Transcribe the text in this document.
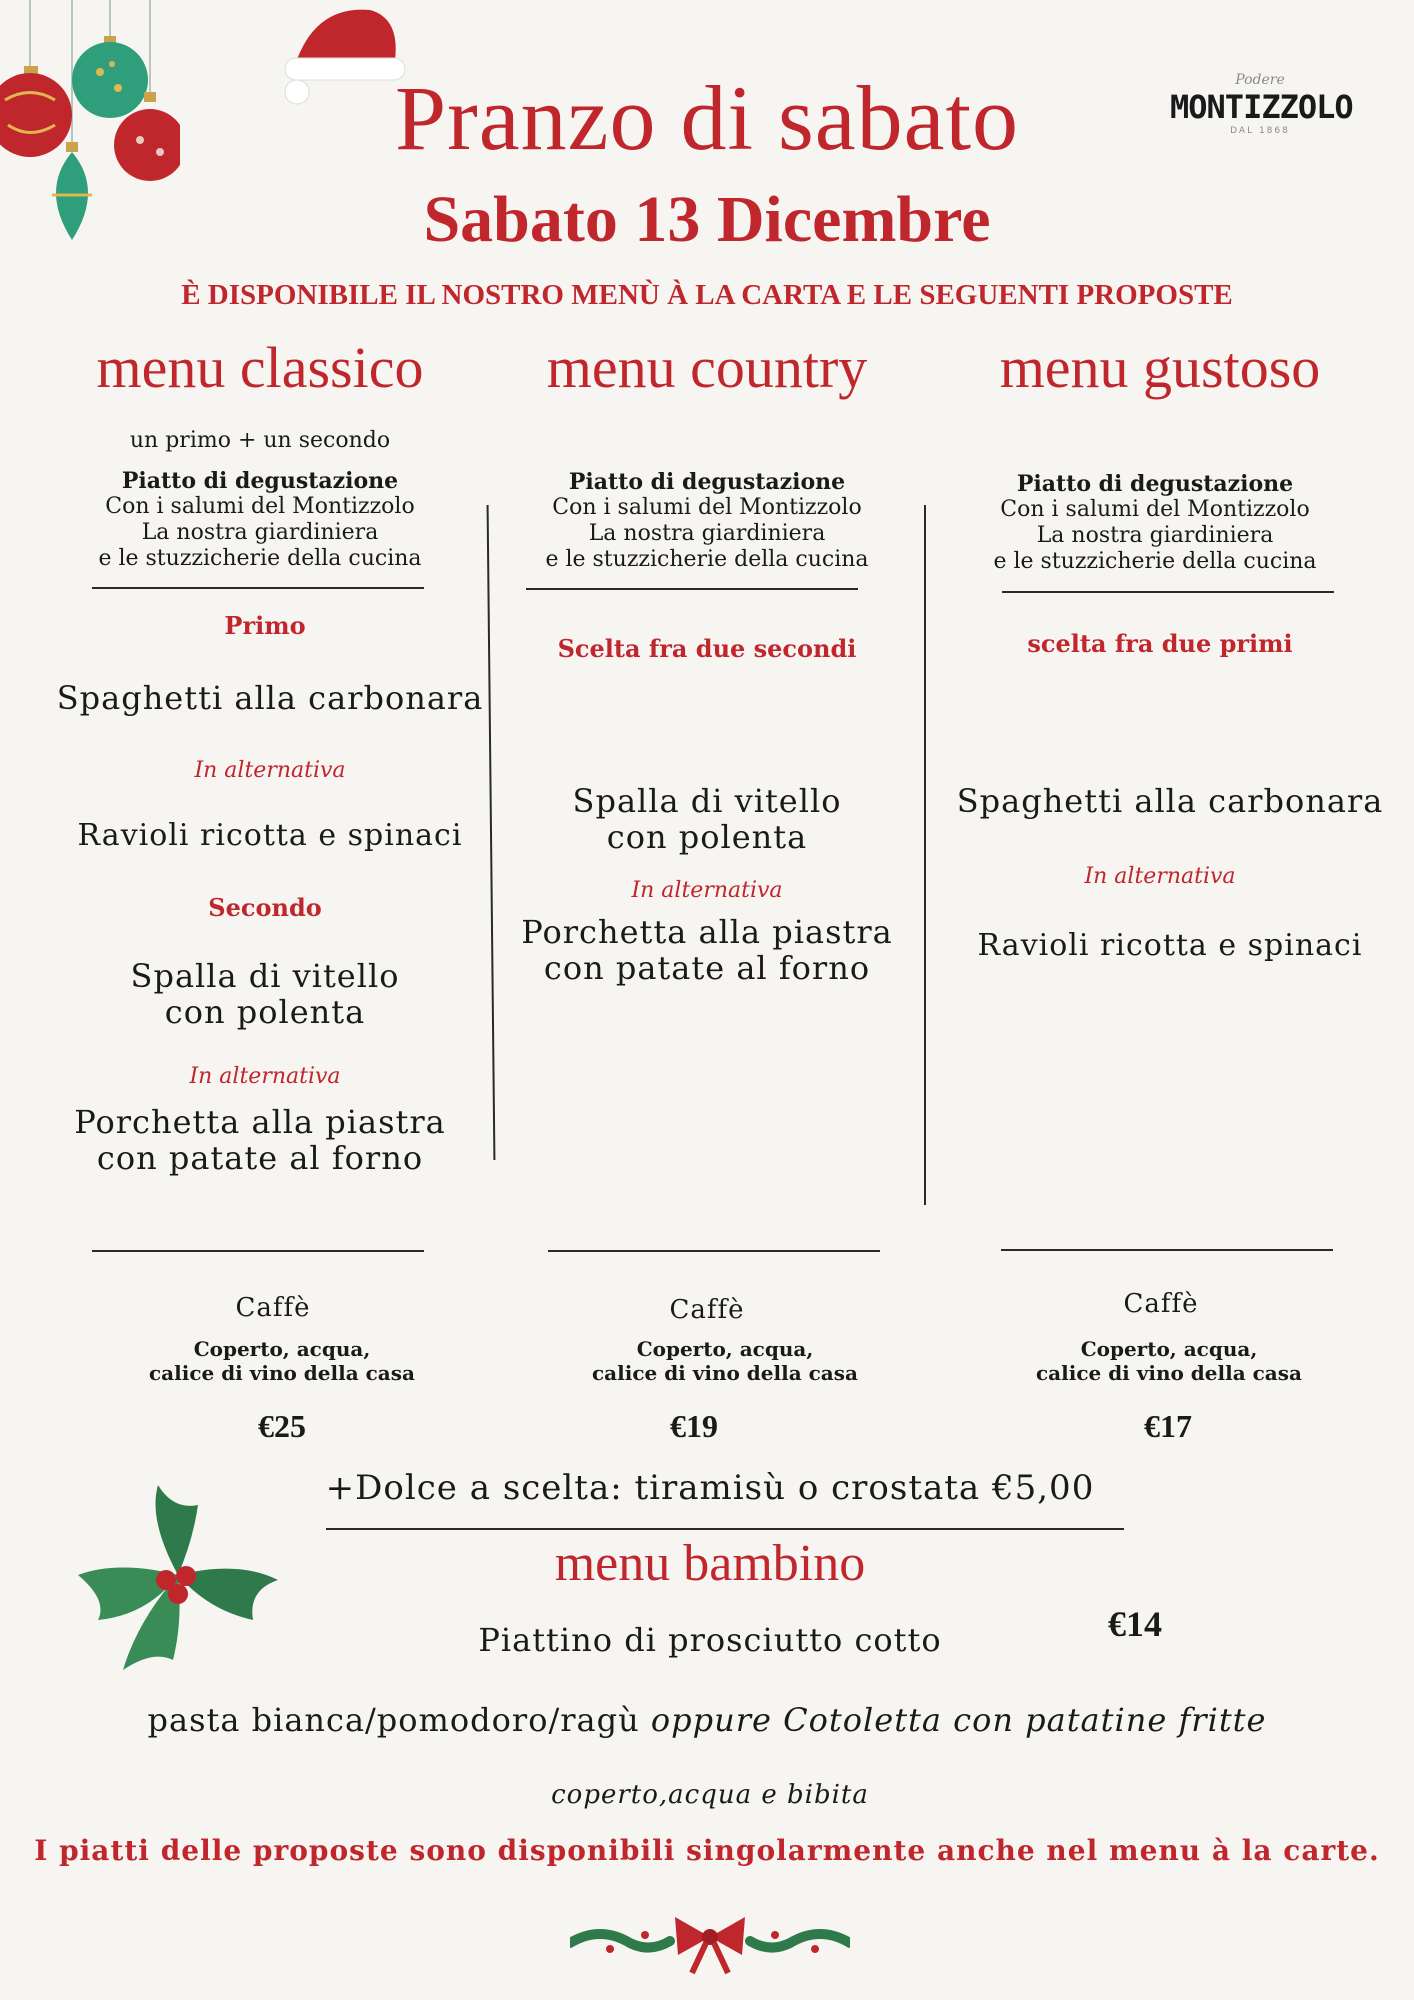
Podere
MONTIZZOLO
DAL 1868
Pranzo di sabato
Sabato 13 Dicembre
È DISPONIBILE IL NOSTRO MENÙ À LA CARTA E LE SEGUENTI PROPOSTE
menu classico
un primo + un secondo
Piatto di degustazione
Con i salumi del Montizzolo
La nostra giardiniera
e le stuzzicherie della cucina
Primo
Spaghetti alla carbonara
In alternativa
Ravioli ricotta e spinaci
Secondo
Spalla di vitello
con polenta
In alternativa
Porchetta alla piastra
con patate al forno
Caffè
Coperto, acqua,
calice di vino della casa
€25
menu country
Piatto di degustazione
Con i salumi del Montizzolo
La nostra giardiniera
e le stuzzicherie della cucina
Scelta fra due secondi
Spalla di vitello
con polenta
In alternativa
Porchetta alla piastra
con patate al forno
Caffè
Coperto, acqua,
calice di vino della casa
€19
menu gustoso
Piatto di degustazione
Con i salumi del Montizzolo
La nostra giardiniera
e le stuzzicherie della cucina
scelta fra due primi
Spaghetti alla carbonara
In alternativa
Ravioli ricotta e spinaci
Caffè
Coperto, acqua,
calice di vino della casa
€17
+Dolce a scelta: tiramisù o crostata €5,00
menu bambino
Piattino di prosciutto cotto	€14
pasta bianca/pomodoro/ragù oppure Cotoletta con patatine fritte
coperto,acqua e bibita
I piatti delle proposte sono disponibili singolarmente anche nel menu à la carte.
